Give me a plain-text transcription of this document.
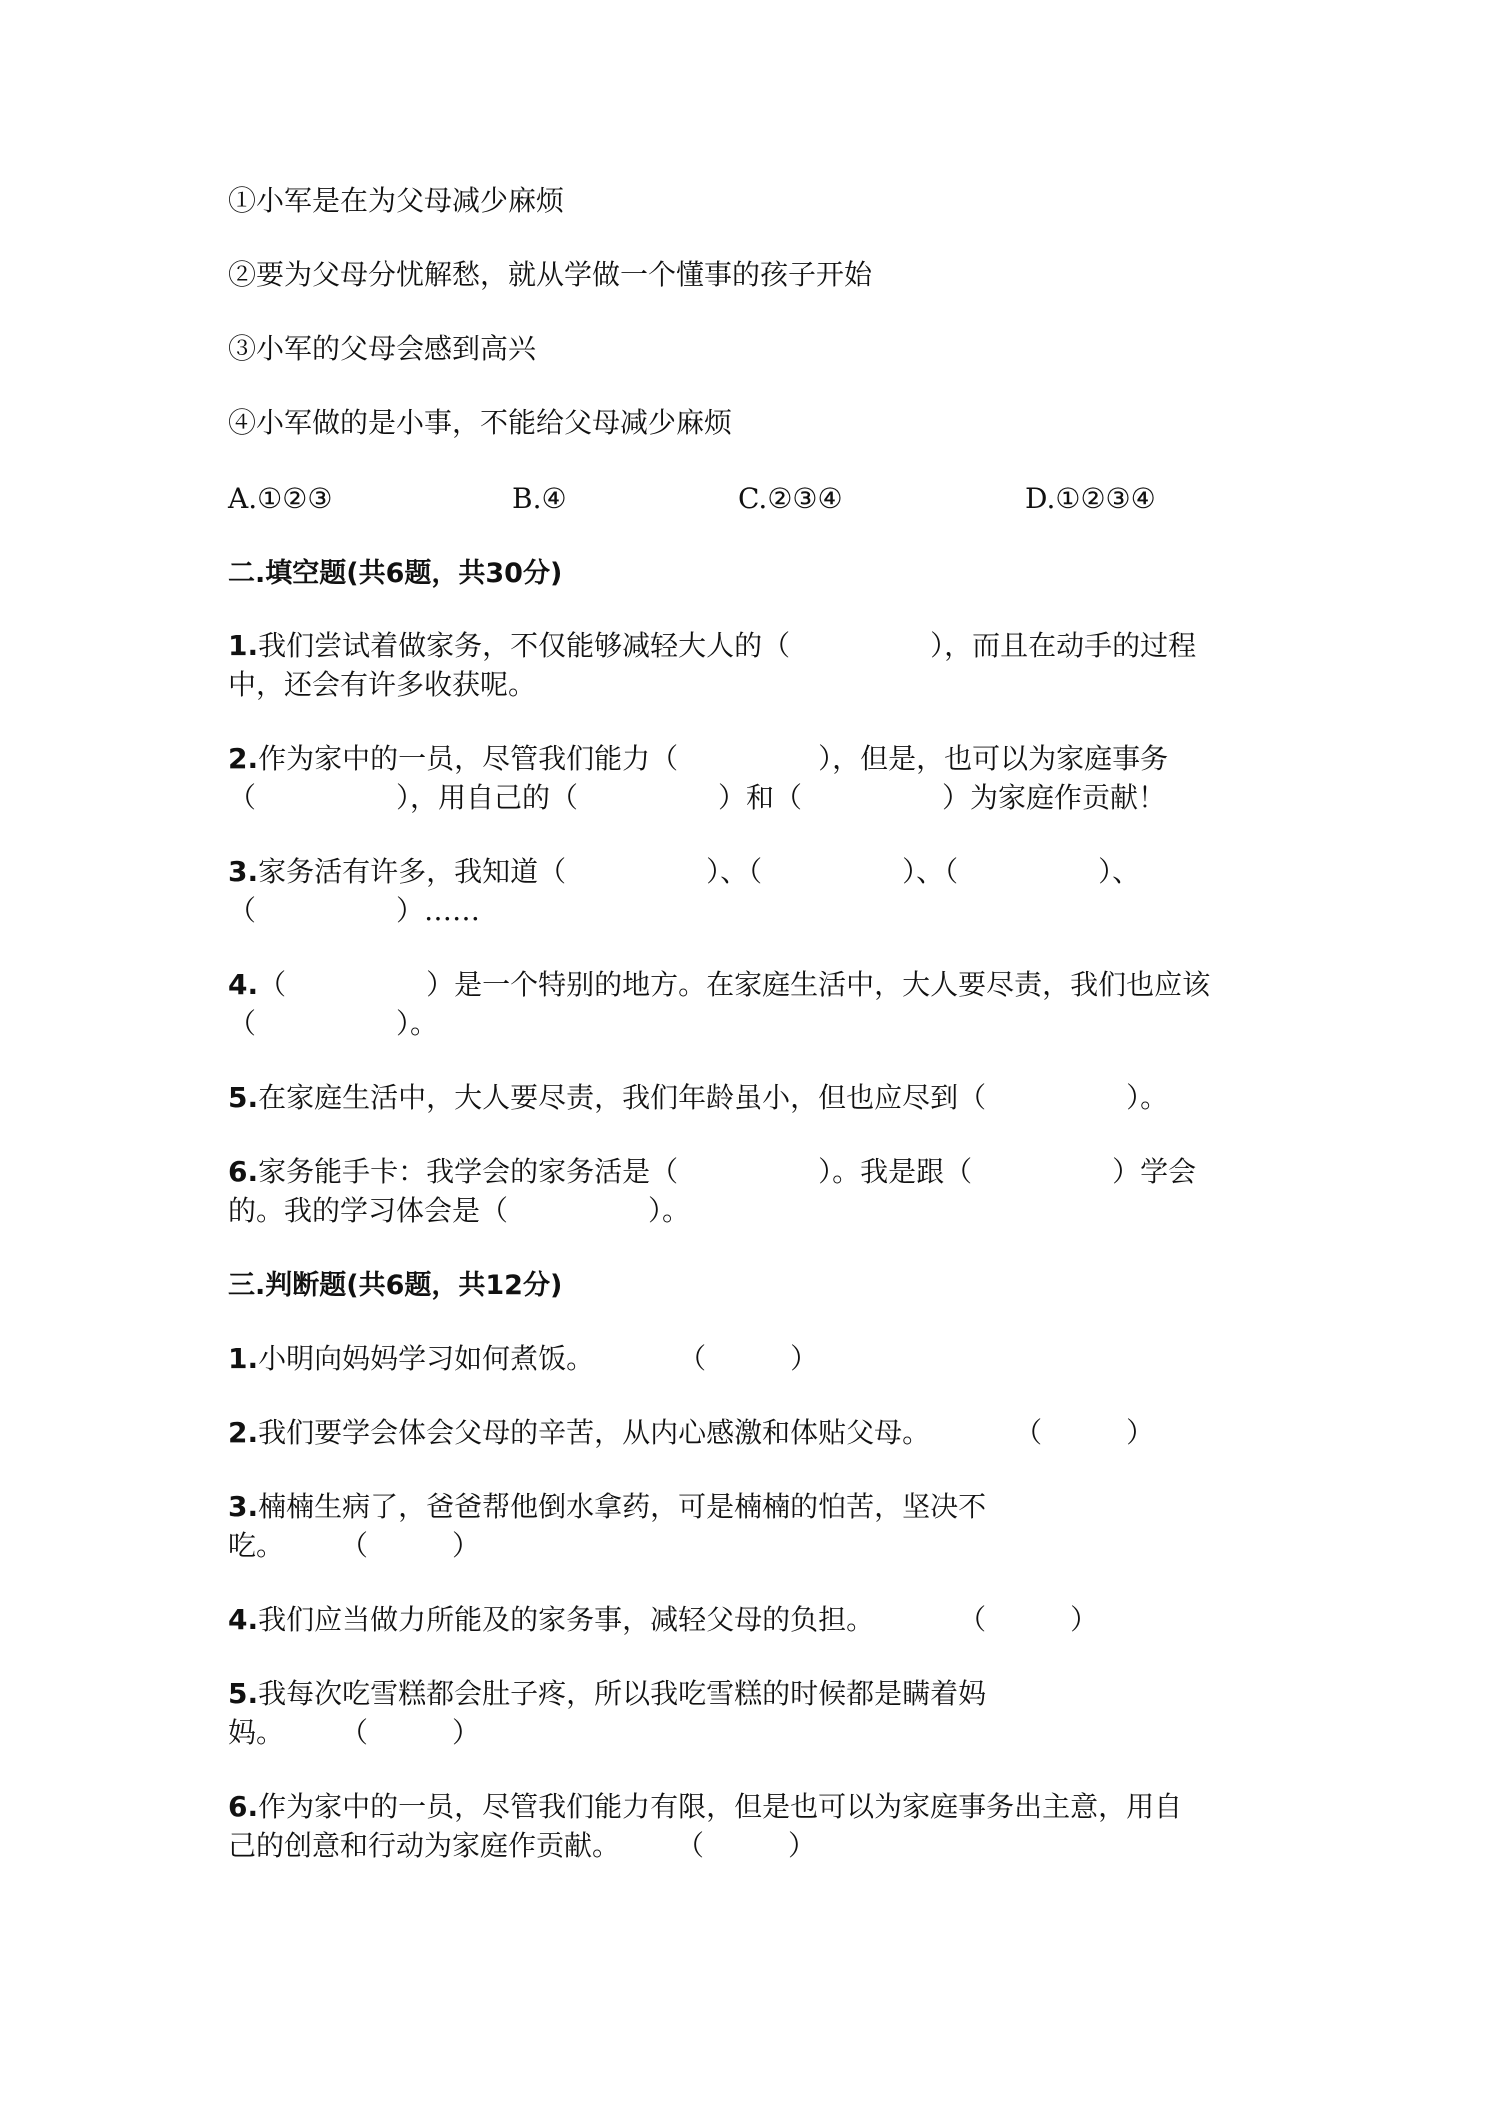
①小军是在为父母减少麻烦
②要为父母分忧解愁，就从学做一个懂事的孩子开始
③小军的父母会感到高兴
④小军做的是小事，不能给父母减少麻烦
A.①②③	B.④	C.②③④	D.①②③④
二.填空题(共6题，共30分)
1.我们尝试着做家务，不仅能够减轻大人的（　　　　　），而且在动手的过程
中，还会有许多收获呢。
2.作为家中的一员，尽管我们能力（　　　　　），但是，也可以为家庭事务
（　　　　　），用自己的（　　　　　）和（　　　　　）为家庭作贡献！
3.家务活有许多，我知道（　　　　　）、（　　　　　）、（　　　　　）、
（　　　　　）……
4.（　　　　　）是一个特别的地方。在家庭生活中，大人要尽责，我们也应该
（　　　　　）。
5.在家庭生活中，大人要尽责，我们年龄虽小，但也应尽到（　　　　　）。
6.家务能手卡：我学会的家务活是（　　　　　）。我是跟（　　　　　）学会
的。我的学习体会是（　　　　　）。
三.判断题(共6题，共12分)
1.小明向妈妈学习如何煮饭。　　　　（　　　）
2.我们要学会体会父母的辛苦，从内心感激和体贴父母。　　　　（　　　）
3.楠楠生病了，爸爸帮他倒水拿药，可是楠楠的怕苦，坚决不
吃。　　　（　　　）
4.我们应当做力所能及的家务事，减轻父母的负担。　　　　（　　　）
5.我每次吃雪糕都会肚子疼，所以我吃雪糕的时候都是瞒着妈
妈。　　　（　　　）
6.作为家中的一员，尽管我们能力有限，但是也可以为家庭事务出主意，用自
己的创意和行动为家庭作贡献。　　　（　　　）
